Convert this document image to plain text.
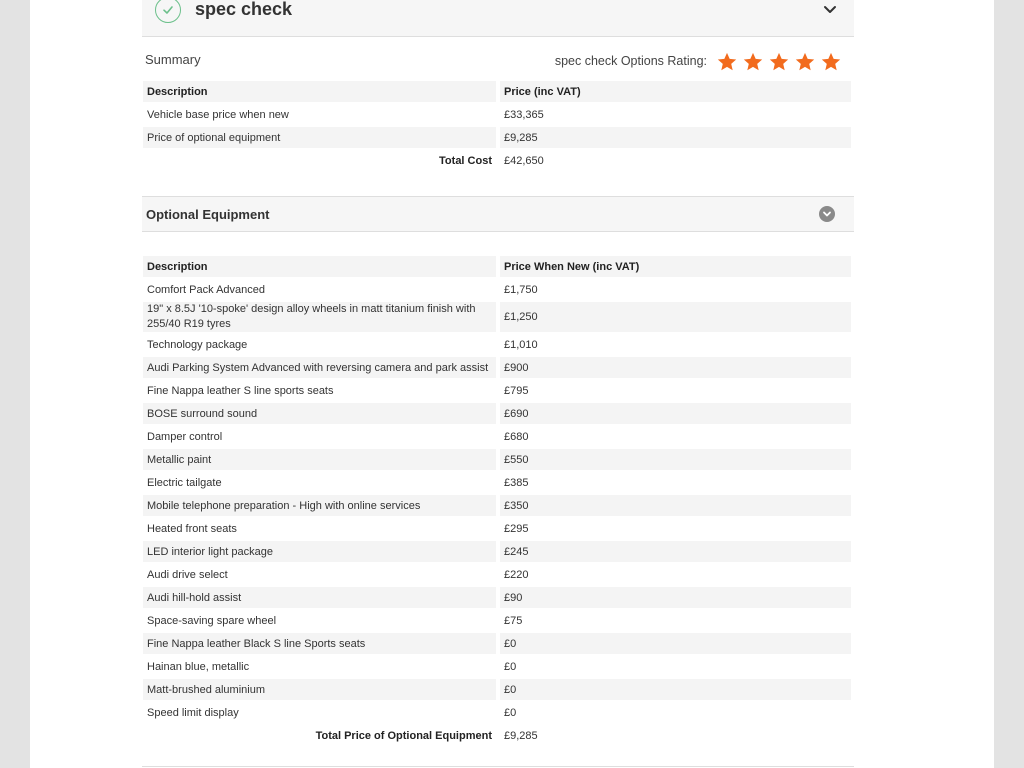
spec check
Summary	spec check Options Rating:
Description		Price (inc VAT)
Vehicle base price when new		£33,365
Price of optional equipment		£9,285
Total Cost		£42,650
Optional Equipment
Description		Price When New (inc VAT)
Comfort Pack Advanced		£1,750
19" x 8.5J '10-spoke' design alloy wheels in matt titanium finish with 255/40 R19 tyres		£1,250
Technology package		£1,010
Audi Parking System Advanced with reversing camera and park assist		£900
Fine Nappa leather S line sports seats		£795
BOSE surround sound		£690
Damper control		£680
Metallic paint		£550
Electric tailgate		£385
Mobile telephone preparation - High with online services		£350
Heated front seats		£295
LED interior light package		£245
Audi drive select		£220
Audi hill-hold assist		£90
Space-saving spare wheel		£75
Fine Nappa leather Black S line Sports seats		£0
Hainan blue, metallic		£0
Matt-brushed aluminium		£0
Speed limit display		£0
Total Price of Optional Equipment		£9,285
